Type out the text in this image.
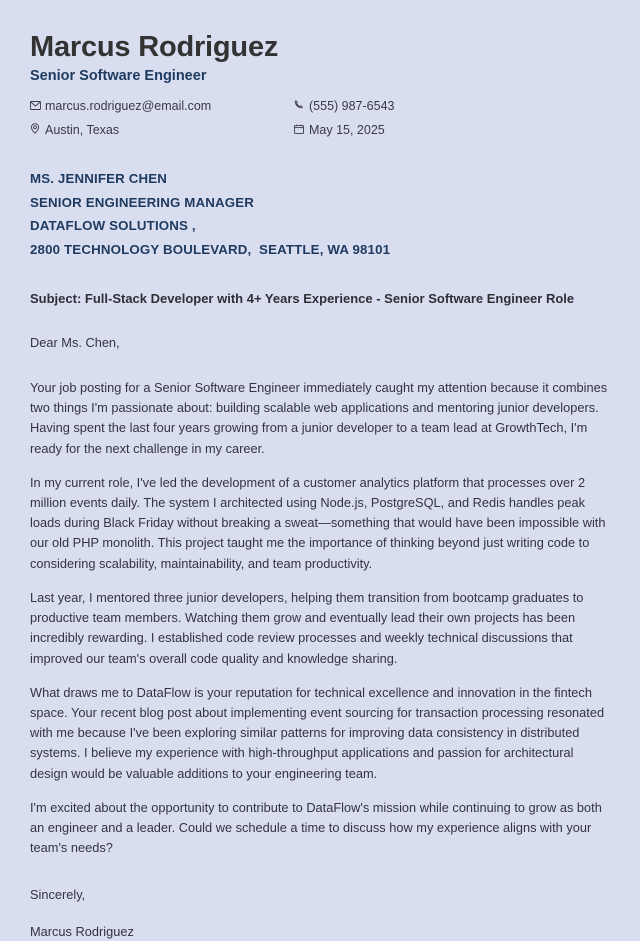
Marcus Rodriguez
Senior Software Engineer
marcus.rodriguez@email.com	(555) 987-6543
Austin, Texas	May 15, 2025
MS. JENNIFER CHEN
SENIOR ENGINEERING MANAGER
DATAFLOW SOLUTIONS ,
2800 TECHNOLOGY BOULEVARD,  SEATTLE, WA 98101
Subject: Full-Stack Developer with 4+ Years Experience - Senior Software Engineer Role
Dear Ms. Chen,

Your job posting for a Senior Software Engineer immediately caught my attention because it combines two things I'm passionate about: building scalable web applications and mentoring junior developers. Having spent the last four years growing from a junior developer to a team lead at GrowthTech, I'm ready for the next challenge in my career.

In my current role, I've led the development of a customer analytics platform that processes over 2 million events daily. The system I architected using Node.js, PostgreSQL, and Redis handles peak loads during Black Friday without breaking a sweat—something that would have been impossible with our old PHP monolith. This project taught me the importance of thinking beyond just writing code to considering scalability, maintainability, and team productivity.

Last year, I mentored three junior developers, helping them transition from bootcamp graduates to productive team members. Watching them grow and eventually lead their own projects has been incredibly rewarding. I established code review processes and weekly technical discussions that improved our team's overall code quality and knowledge sharing.

What draws me to DataFlow is your reputation for technical excellence and innovation in the fintech space. Your recent blog post about implementing event sourcing for transaction processing resonated with me because I've been exploring similar patterns for improving data consistency in distributed systems. I believe my experience with high-throughput applications and passion for architectural design would be valuable additions to your engineering team.

I'm excited about the opportunity to contribute to DataFlow's mission while continuing to grow as both an engineer and a leader. Could we schedule a time to discuss how my experience aligns with your team's needs?

Sincerely,
Marcus Rodriguez
